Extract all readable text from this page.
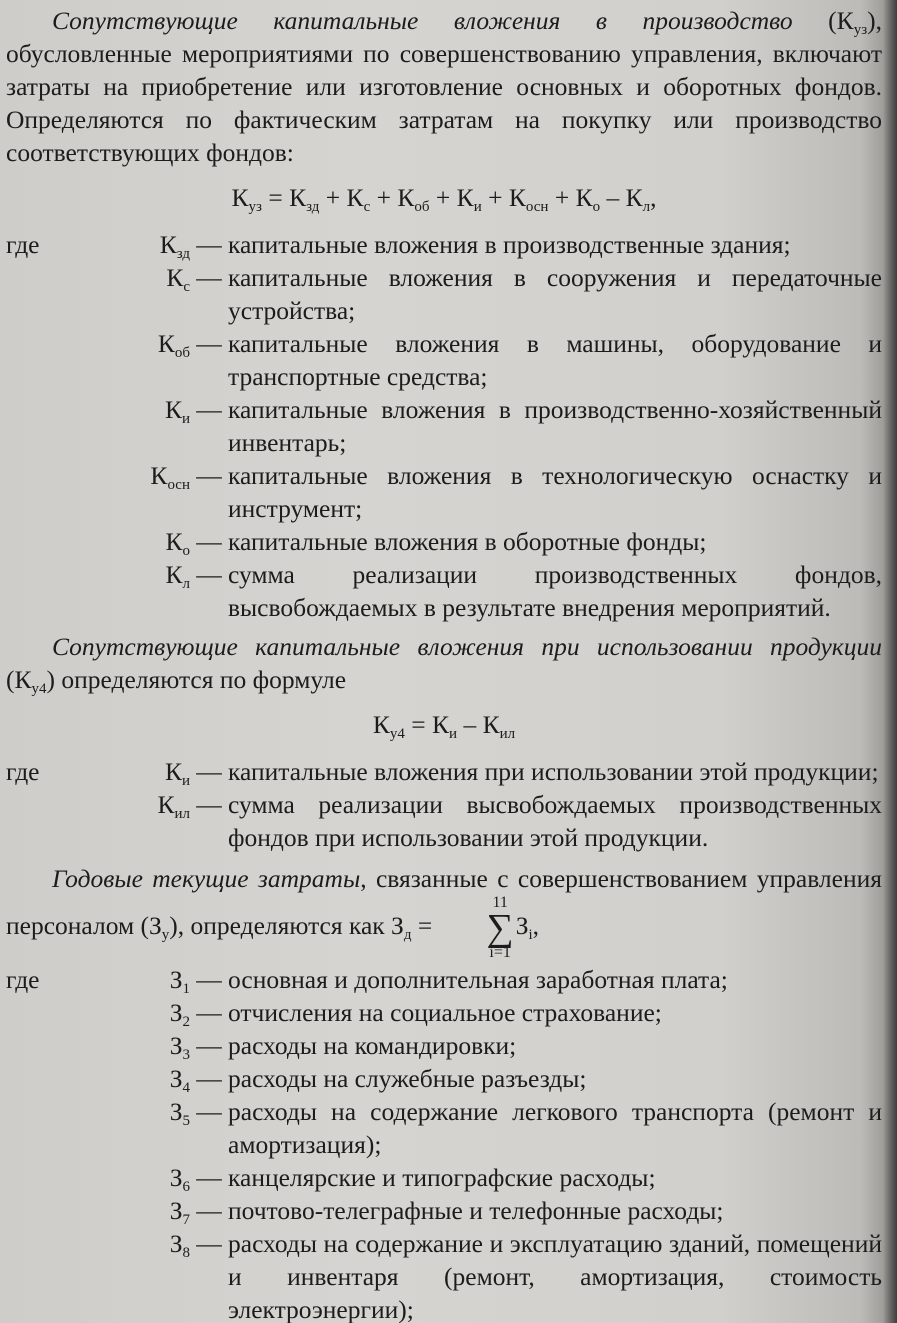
Сопутствующие капитальные вложения в производство $(К_{уз})$, обусловленные мероприятиями по совершенствованию управления, включают затраты на приобретение или изготовление основных и оборотных фондов. Определяются по фактическим затратам на покупку или производство соответствующих фондов:

$К_{уз} = К_{зд} + К_с + К_{об} + К_и + К_{осн} + К_о - К_л$,
где	$К_{зд}$ — капитальные вложения в производственные здания;
$К_с$ — капитальные вложения в сооружения и передаточные устройства;
$К_{об}$ — капитальные вложения в машины, оборудование и транспортные средства;
$К_и$ — капитальные вложения в производственно-хозяйственный инвентарь;
$К_{осн}$ — капитальные вложения в технологическую оснастку и инструмент;
$К_о$ — капитальные вложения в оборотные фонды;
$К_л$ — сумма реализации производственных фондов, высвобождаемых в результате внедрения мероприятий.

Сопутствующие капитальные вложения при использовании продукции $(К_{у4})$ определяются по формуле

$К_{у4} = К_и - К_{ил}$
где	$К_и$ — капитальные вложения при использовании этой продукции;
$К_{ил}$ — сумма реализации высвобождаемых производственных фондов при использовании этой продукции.

Годовые текущие затраты, связанные с совершенствованием управления персоналом $(З_у)$, определяются как $З_д$ =
11
∑
i=1
$З_i$,

где	$З_1$ — основная и дополнительная заработная плата;
$З_2$ — отчисления на социальное страхование;
$З_3$ — расходы на командировки;
$З_4$ — расходы на служебные разъезды;
$З_5$ — расходы на содержание легкового транспорта (ремонт и амортизация);
$З_6$ — канцелярские и типографские расходы;
$З_7$ — почтово-телеграфные и телефонные расходы;
$З_8$ — расходы на содержание и эксплуатацию зданий, помещений и инвентаря (ремонт, амортизация, стоимость электроэнергии);
